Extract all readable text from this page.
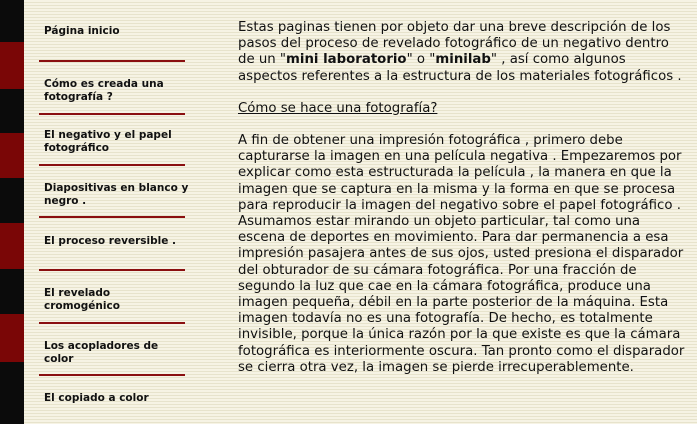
Página inicio
Cómo es creada una fotografía ?
El negativo y el papel fotográfico
Diapositivas en blanco y negro .
El proceso reversible .
El revelado cromogénico
Los acopladores de color
El copiado a color

Estas paginas tienen por objeto dar una breve descripción de los pasos del proceso de revelado fotográfico de un negativo dentro de un "mini laboratorio" o "minilab" , así como algunos aspectos referentes a la estructura de los materiales fotográficos .

Cómo se hace una fotografía?

A fin de obtener una impresión fotográfica , primero debe capturarse la imagen en una película negativa . Empezaremos por explicar como esta estructurada la película , la manera en que la imagen que se captura en la misma y la forma en que se procesa para reproducir la imagen del negativo sobre el papel fotográfico .

Asumamos estar mirando un objeto particular, tal como una escena de deportes en movimiento. Para dar permanencia a esa impresión pasajera antes de sus ojos, usted presiona el disparador del obturador de su cámara fotográfica. Por una fracción de segundo la luz que cae en la cámara fotográfica, produce una imagen pequeña, débil en la parte posterior de la máquina. Esta imagen todavía no es una fotografía. De hecho, es totalmente invisible, porque la única razón por la que existe es que la cámara fotográfica es interiormente oscura. Tan pronto como el disparador se cierra otra vez, la imagen se pierde irrecuperablemente.
